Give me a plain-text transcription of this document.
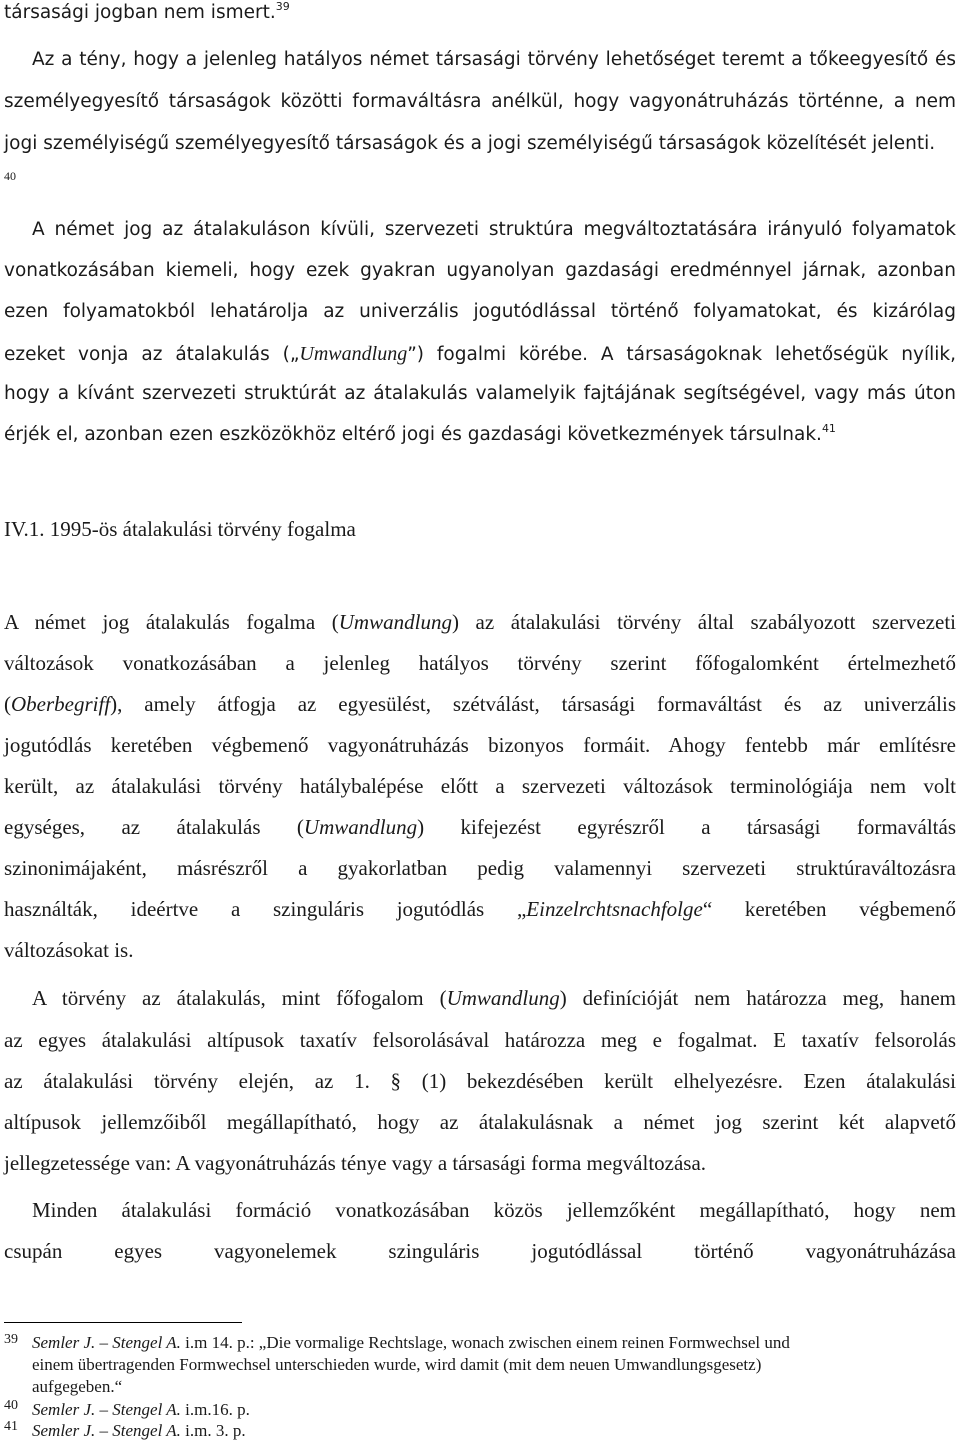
társasági jogban nem ismert.$^{39}$
Az a tény, hogy a jelenleg hatályos német társasági törvény lehetőséget teremt a tőkeegyesítő és
személyegyesítő társaságok közötti formaváltásra anélkül, hogy vagyonátruházás történne, a nem
jogi személyiségű személyegyesítő társaságok és a jogi személyiségű társaságok közelítését jelenti.
40
A német jog az átalakuláson kívüli, szervezeti struktúra megváltoztatására irányuló folyamatok
vonatkozásában kiemeli, hogy ezek gyakran ugyanolyan gazdasági eredménnyel járnak, azonban
ezen folyamatokból lehatárolja az univerzális jogutódlással történő folyamatokat, és kizárólag
ezeket vonja az átalakulás („Umwandlung”) fogalmi körébe. A társaságoknak lehetőségük nyílik,
hogy a kívánt szervezeti struktúrát az átalakulás valamelyik fajtájának segítségével, vagy más úton
érjék el, azonban ezen eszközökhöz eltérő jogi és gazdasági következmények társulnak.$^{41}$
IV.1. 1995-ös átalakulási törvény fogalma
A német jog átalakulás fogalma (Umwandlung) az átalakulási törvény által szabályozott szervezeti
változások vonatkozásában a jelenleg hatályos törvény szerint főfogalomként értelmezhető
(Oberbegriff), amely átfogja az egyesülést, szétválást, társasági formaváltást és az univerzális
jogutódlás keretében végbemenő vagyonátruházás bizonyos formáit. Ahogy fentebb már említésre
került, az átalakulási törvény hatálybalépése előtt a szervezeti változások terminológiája nem volt
egységes, az átalakulás (Umwandlung) kifejezést egyrészről a társasági formaváltás
szinonimájaként, másrészről a gyakorlatban pedig valamennyi szervezeti struktúraváltozásra
használták, ideértve a szinguláris jogutódlás „Einzelrchtsnachfolge“ keretében végbemenő
változásokat is.
A törvény az átalakulás, mint főfogalom (Umwandlung) definícióját nem határozza meg, hanem
az egyes átalakulási altípusok taxatív felsorolásával határozza meg e fogalmat. E taxatív felsorolás
az átalakulási törvény elején, az 1. § (1) bekezdésében került elhelyezésre. Ezen átalakulási
altípusok jellemzőiből megállapítható, hogy az átalakulásnak a német jog szerint két alapvető
jellegzetessége van: A vagyonátruházás ténye vagy a társasági forma megváltozása.
Minden átalakulási formáció vonatkozásában közös jellemzőként megállapítható, hogy nem
csupán egyes vagyonelemek szinguláris jogutódlással történő vagyonátruházása
39 Semler J. – Stengel A. i.m 14. p.: „Die vormalige Rechtslage, wonach zwischen einem reinen Formwechsel und
einem übertragenden Formwechsel unterschieden wurde, wird damit (mit dem neuen Umwandlungsgesetz)
aufgegeben.“
40 Semler J. – Stengel A. i.m.16. p.
41 Semler J. – Stengel A. i.m. 3. p.
